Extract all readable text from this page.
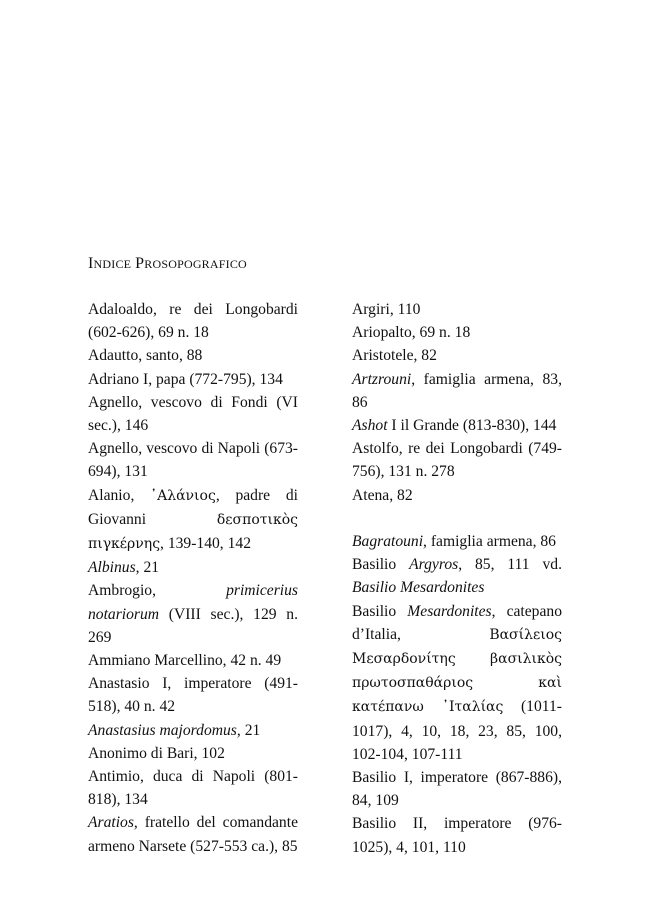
INDICE PROSOPOGRAFICO
Adaloaldo, re dei Longobardi (602-626), 69 n. 18
Adautto, santo, 88
Adriano I, papa (772-795), 134
Agnello, vescovo di Fondi (VI sec.), 146
Agnello, vescovo di Napoli (673-694), 131
Alanio, ᾿Αλάνιος, padre di Giovanni δεσποτικὸς πιγκέρνης, 139-140, 142
Albinus, 21
Ambrogio, primicerius notariorum (VIII sec.), 129 n. 269
Ammiano Marcellino, 42 n. 49
Anastasio I, imperatore (491-518), 40 n. 42
Anastasius majordomus, 21
Anonimo di Bari, 102
Antimio, duca di Napoli (801-818), 134
Aratios, fratello del comandante armeno Narsete (527-553 ca.), 85
Argiri, 110
Ariopalto, 69 n. 18
Aristotele, 82
Artzrouni, famiglia armena, 83, 86
Ashot I il Grande (813-830), 144
Astolfo, re dei Longobardi (749-756), 131 n. 278
Atena, 82
Bagratouni, famiglia armena, 86
Basilio Argyros, 85, 111 vd. Basilio Mesardonites
Basilio Mesardonites, catepano d’Italia, Βασίλειος Μεσαρδονίτης βασιλικὸς πρωτοσπαθάριος καὶ κατέπανω ᾿Ιταλίας (1011-1017), 4, 10, 18, 23, 85, 100, 102-104, 107-111
Basilio I, imperatore (867-886), 84, 109
Basilio II, imperatore (976-1025), 4, 101, 110
